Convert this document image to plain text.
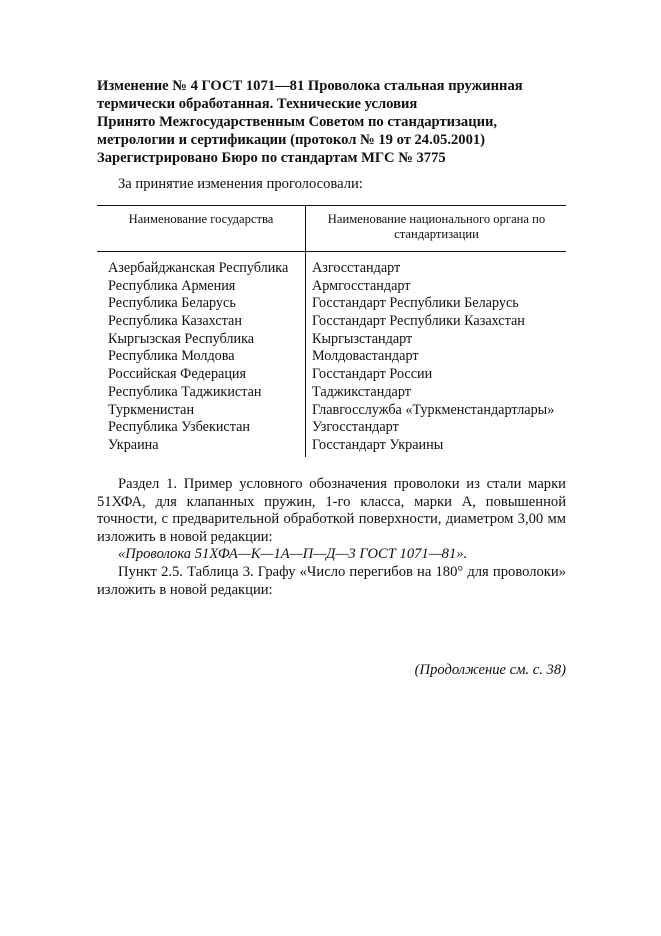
Изменение № 4 ГОСТ 1071—81 Проволока стальная пружинная термически обработанная. Технические условия

Принято Межгосударственным Советом по стандартизации, метрологии и сертификации (протокол № 19 от 24.05.2001)

Зарегистрировано Бюро по стандартам МГС № 3775

За принятие изменения проголосовали:

Наименование государства	Наименование национального органа по стандартизации

Азербайджанская Республика	Азгосстандарт
Республика Армения	Армгосстандарт
Республика Беларусь	Госстандарт Республики Беларусь
Республика Казахстан	Госстандарт Республики Казахстан
Кыргызская Республика	Кыргызстандарт
Республика Молдова	Молдовастандарт
Российская Федерация	Госстандарт России
Республика Таджикистан	Таджикстандарт
Туркменистан	Главгосслужба «Туркменстандартлары»
Республика Узбекистан	Узгосстандарт
Украина	Госстандарт Украины

Раздел 1. Пример условного обозначения проволоки из стали марки 51ХФА, для клапанных пружин, 1-го класса, марки А, повышенной точности, с предварительной обработкой поверхности, диаметром 3,00 мм изложить в новой редакции:

«Проволока 51ХФА—К—1А—П—Д—3 ГОСТ 1071—81».

Пункт 2.5. Таблица 3. Графу «Число перегибов на 180° для проволоки» изложить в новой редакции:

(Продолжение см. с. 38)
